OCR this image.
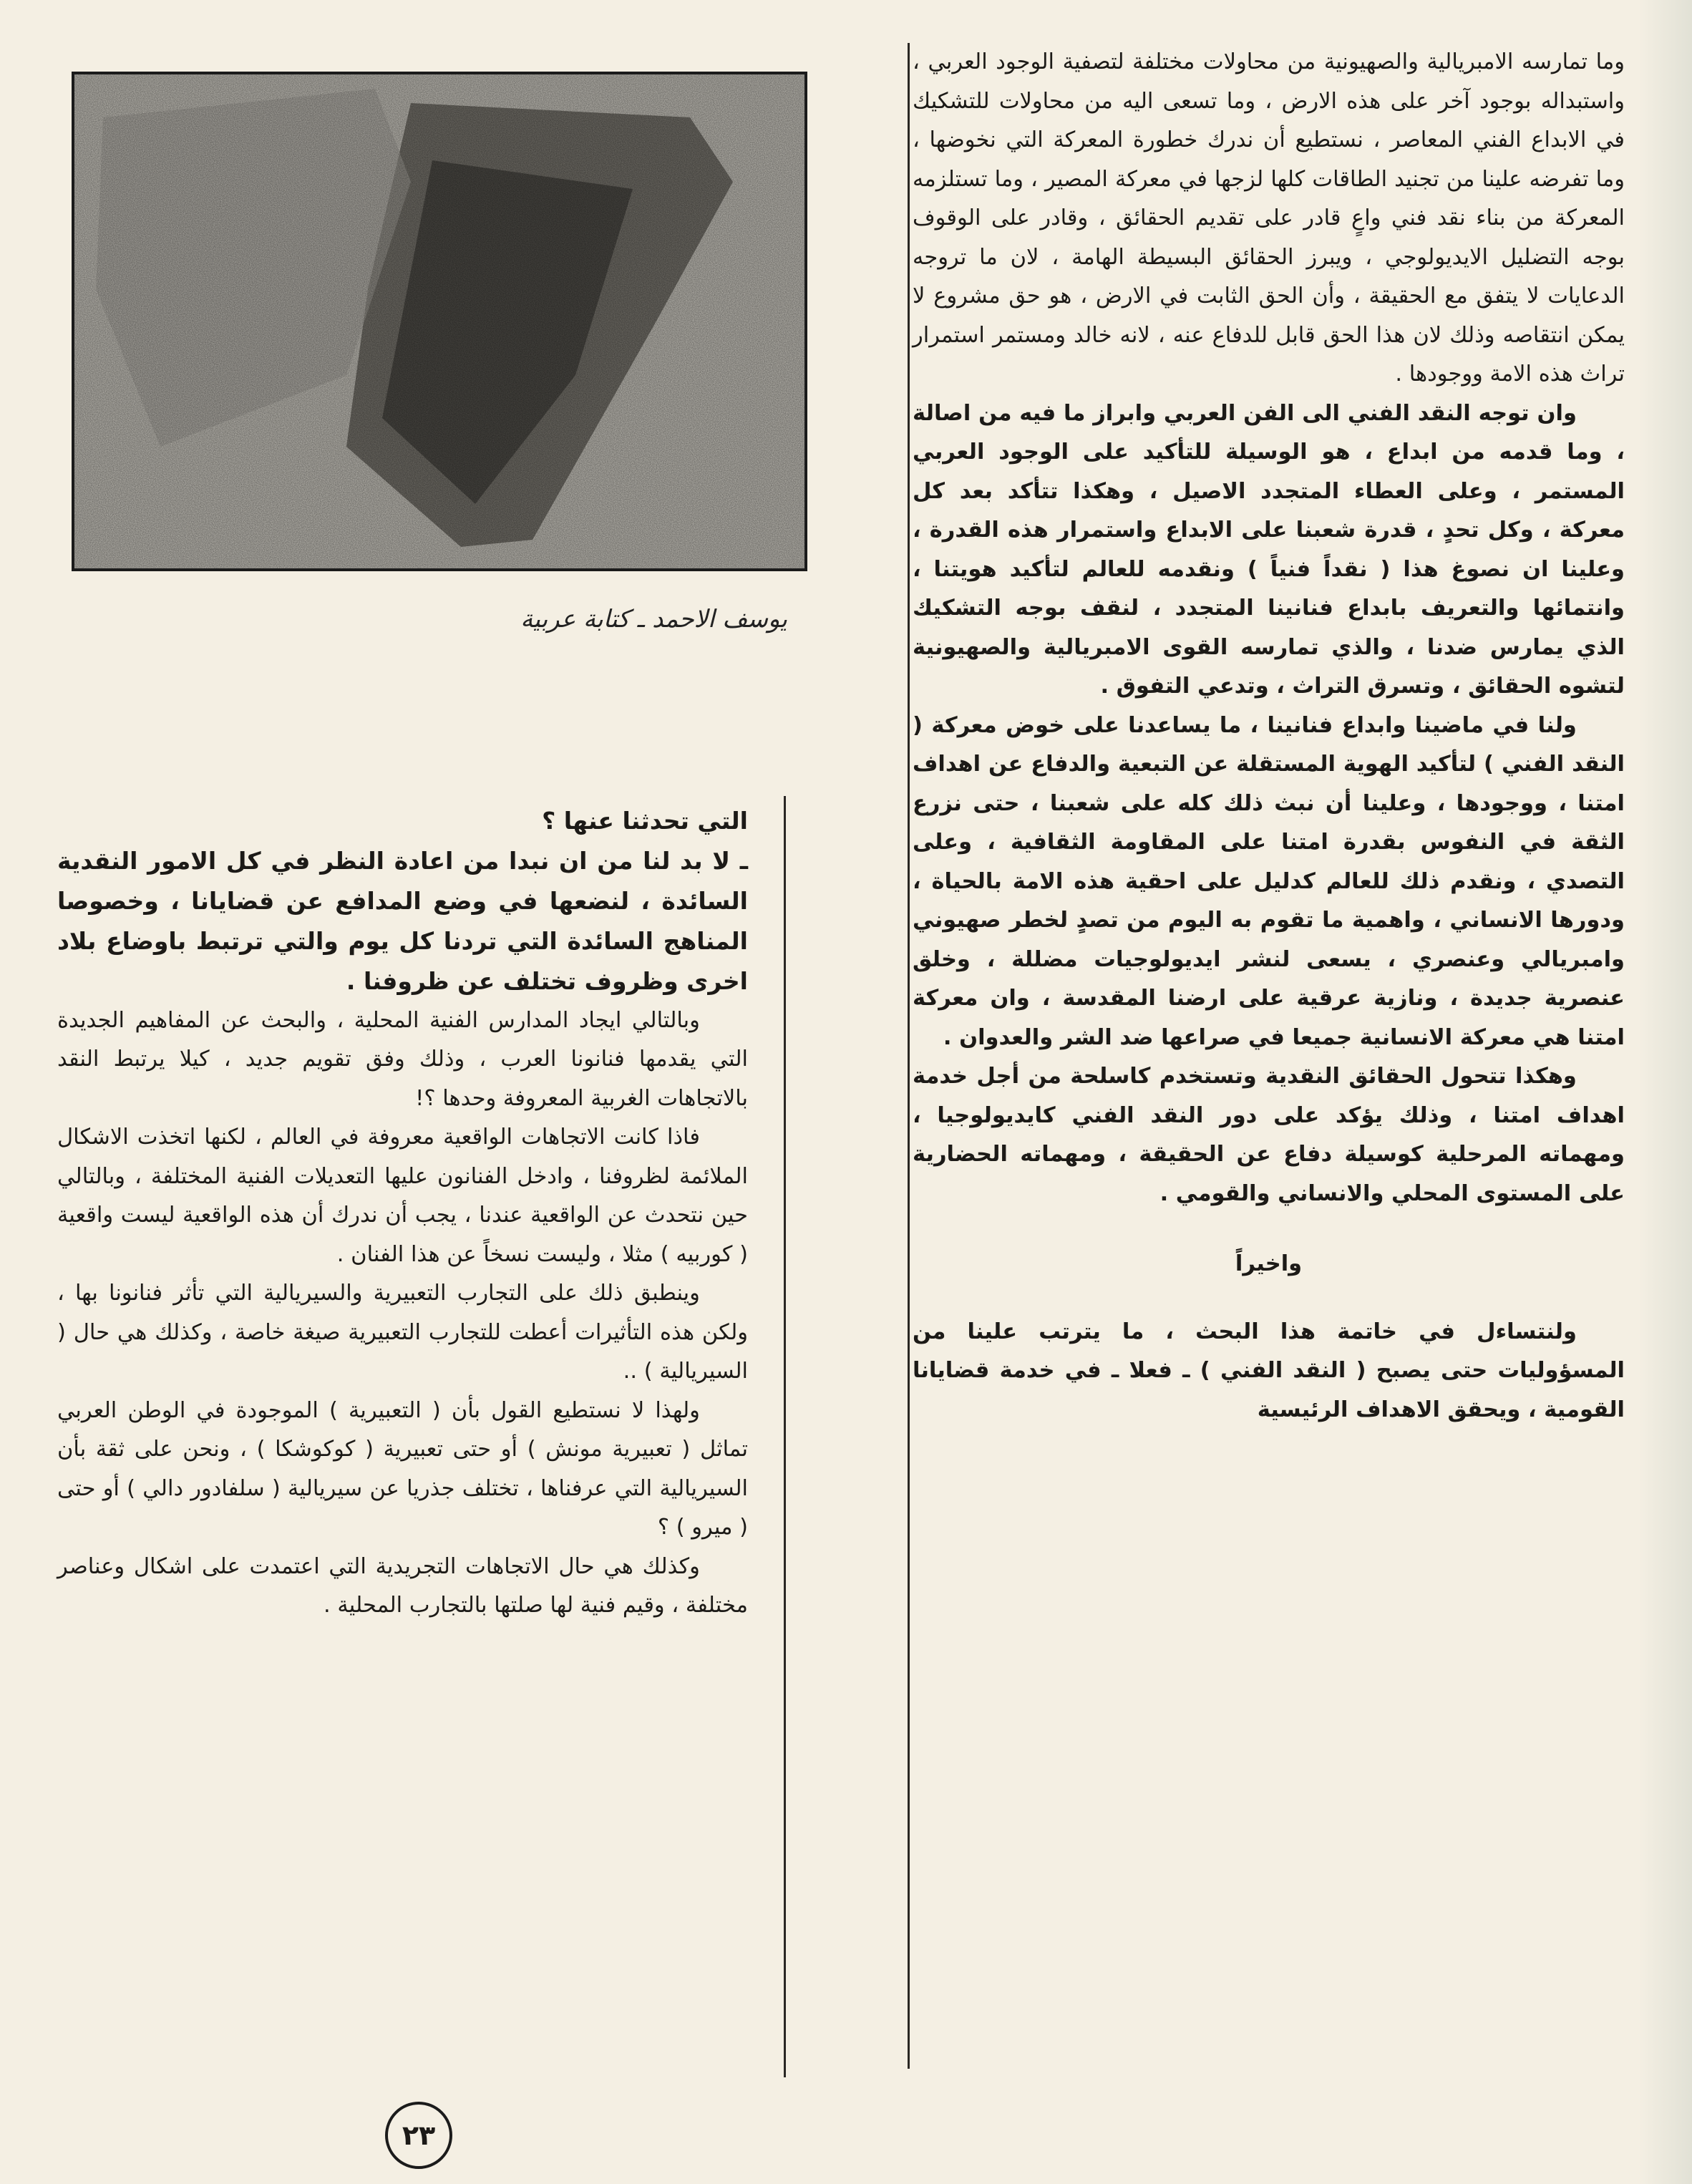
يوسف الاحمد ـ كتابة عربية

وما تمارسه الامبريالية والصهيونية من محاولات مختلفة لتصفية الوجود العربي ، واستبداله بوجود آخر على هذه الارض ، وما تسعى اليه من محاولات للتشكيك في الابداع الفني المعاصر ، نستطيع أن ندرك خطورة المعركة التي نخوضها ، وما تفرضه علينا من تجنيد الطاقات كلها لزجها في معركة المصير ، وما تستلزمه المعركة من بناء نقد فني واعٍ قادر على تقديم الحقائق ، وقادر على الوقوف بوجه التضليل الايديولوجي ، ويبرز الحقائق البسيطة الهامة ، لان ما تروجه الدعايات لا يتفق مع الحقيقة ، وأن الحق الثابت في الارض ، هو حق مشروع لا يمكن انتقاصه وذلك لان هذا الحق قابل للدفاع عنه ، لانه خالد ومستمر استمرار تراث هذه الامة ووجودها .

وان توجه النقد الفني الى الفن العربي وابراز ما فيه من اصالة ، وما قدمه من ابداع ، هو الوسيلة للتأكيد على الوجود العربي المستمر ، وعلى العطاء المتجدد الاصيل ، وهكذا تتأكد بعد كل معركة ، وكل تحدٍ ، قدرة شعبنا على الابداع واستمرار هذه القدرة ، وعلينا ان نصوغ هذا ( نقداً فنياً ) ونقدمه للعالم لتأكيد هويتنا ، وانتمائها والتعريف بابداع فنانينا المتجدد ، لنقف بوجه التشكيك الذي يمارس ضدنا ، والذي تمارسه القوى الامبريالية والصهيونية لتشوه الحقائق ، وتسرق التراث ، وتدعي التفوق .

ولنا في ماضينا وابداع فنانينا ، ما يساعدنا على خوض معركة ( النقد الفني ) لتأكيد الهوية المستقلة عن التبعية والدفاع عن اهداف امتنا ، ووجودها ، وعلينا أن نبث ذلك كله على شعبنا ، حتى نزرع الثقة في النفوس بقدرة امتنا على المقاومة الثقافية ، وعلى التصدي ، ونقدم ذلك للعالم كدليل على احقية هذه الامة بالحياة ، ودورها الانساني ، واهمية ما تقوم به اليوم من تصدٍ لخطر صهيوني وامبريالي وعنصري ، يسعى لنشر ايديولوجيات مضللة ، وخلق عنصرية جديدة ، ونازية عرقية على ارضنا المقدسة ، وان معركة امتنا هي معركة الانسانية جميعا في صراعها ضد الشر والعدوان .

وهكذا تتحول الحقائق النقدية وتستخدم كاسلحة من أجل خدمة اهداف امتنا ، وذلك يؤكد على دور النقد الفني كايديولوجيا ، ومهماته المرحلية كوسيلة دفاع عن الحقيقة ، ومهماته الحضارية على المستوى المحلي والانساني والقومي .

واخيراً

ولنتساءل في خاتمة هذا البحث ، ما يترتب علينا من المسؤوليات حتى يصبح ( النقد الفني ) ـ فعلا ـ في خدمة قضايانا القومية ، ويحقق الاهداف الرئيسية

التي تحدثنا عنها ؟

ـ لا بد لنا من ان نبدا من اعادة النظر في كل الامور النقدية السائدة ، لنضعها في وضع المدافع عن قضايانا ، وخصوصا المناهج السائدة التي تردنا كل يوم والتي ترتبط باوضاع بلاد اخرى وظروف تختلف عن ظروفنا .

وبالتالي ايجاد المدارس الفنية المحلية ، والبحث عن المفاهيم الجديدة التي يقدمها فنانونا العرب ، وذلك وفق تقويم جديد ، كيلا يرتبط النقد بالاتجاهات الغربية المعروفة وحدها ؟!

فاذا كانت الاتجاهات الواقعية معروفة في العالم ، لكنها اتخذت الاشكال الملائمة لظروفنا ، وادخل الفنانون عليها التعديلات الفنية المختلفة ، وبالتالي حين نتحدث عن الواقعية عندنا ، يجب أن ندرك أن هذه الواقعية ليست واقعية ( كوربيه ) مثلا ، وليست نسخاً عن هذا الفنان .

وينطبق ذلك على التجارب التعبيرية والسيريالية التي تأثر فنانونا بها ، ولكن هذه التأثيرات أعطت للتجارب التعبيرية صيغة خاصة ، وكذلك هي حال ( السيريالية ) ..

ولهذا لا نستطيع القول بأن ( التعبيرية ) الموجودة في الوطن العربي تماثل ( تعبيرية مونش ) أو حتى تعبيرية ( كوكوشكا ) ، ونحن على ثقة بأن السيريالية التي عرفناها ، تختلف جذريا عن سيريالية ( سلفادور دالي ) أو حتى ( ميرو ) ؟

وكذلك هي حال الاتجاهات التجريدية التي اعتمدت على اشكال وعناصر مختلفة ، وقيم فنية لها صلتها بالتجارب المحلية .

٢٣
